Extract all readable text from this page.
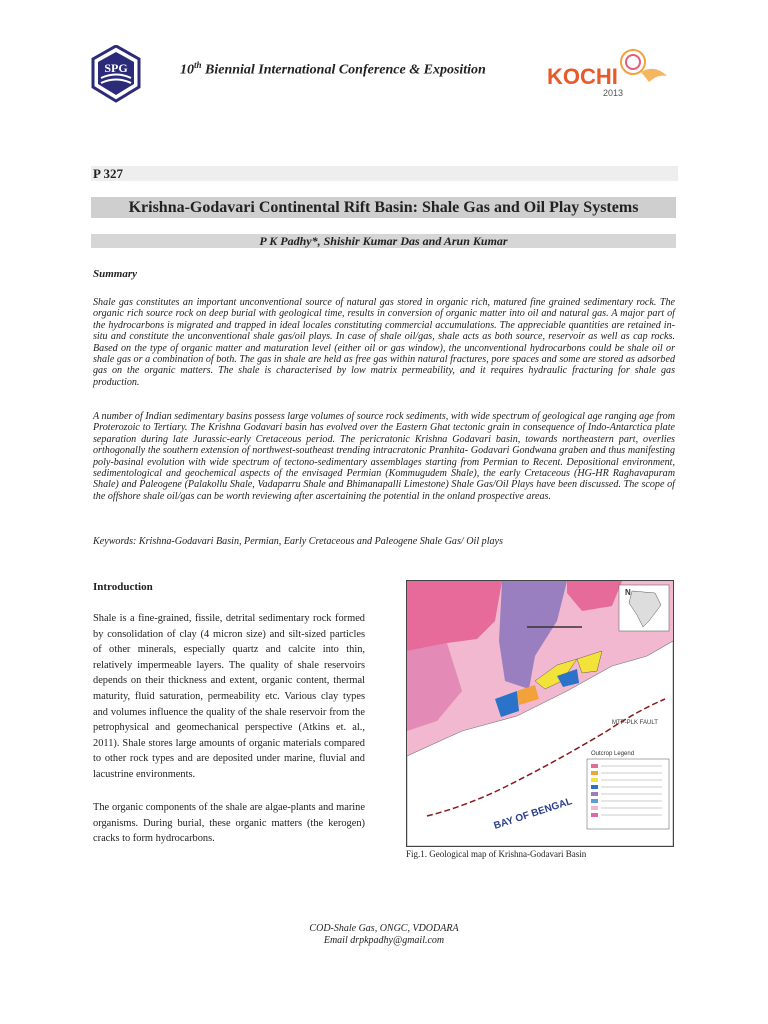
SPG	10th Biennial International Conference & Exposition	KOCHI
2013
P 327
Krishna-Godavari Continental Rift Basin: Shale Gas and Oil Play Systems
P K Padhy*, Shishir Kumar Das and Arun Kumar
Summary
Shale gas constitutes an important unconventional source of natural gas stored in organic rich, matured fine grained sedimentary rock. The organic rich source rock on deep burial with geological time, results in conversion of organic matter into oil and natural gas. A major part of the hydrocarbons is migrated and trapped in ideal locales constituting commercial accumulations. The appreciable quantities are retained in-situ and constitute the unconventional shale gas/oil plays. In case of shale oil/gas, shale acts as both source, reservoir as well as cap rocks. Based on the type of organic matter and maturation level (either oil or gas window), the unconventional hydrocarbons could be shale oil or shale gas or a combination of both. The gas in shale are held as free gas within natural fractures, pore spaces and some are stored as adsorbed gas on the organic matters. The shale is characterised by low matrix permeability, and it requires hydraulic fracturing for shale gas production.
A number of Indian sedimentary basins possess large volumes of source rock sediments, with wide spectrum of geological age ranging age from Proterozoic to Tertiary. The Krishna Godavari basin has evolved over the Eastern Ghat tectonic grain in consequence of Indo-Antarctica plate separation during late Jurassic-early Cretaceous period. The pericratonic Krishna Godavari basin, towards northeastern part, overlies orthogonally the southern extension of northwest-southeast trending intracratonic Pranhita- Godavari Gondwana graben and thus manifesting poly-basinal evolution with wide spectrum of tectono-sedimentary assemblages starting from Permian to Recent. Depositional environment, sedimentological and geochemical aspects of the envisaged Permian (Kommugudem Shale), the early Cretaceous (HG-HR Raghavapuram Shale) and Paleogene (Palakollu Shale, Vadaparru Shale and Bhimanapalli Limestone) Shale Gas/Oil Plays have been discussed. The scope of the offshore shale oil/gas can be worth reviewing after ascertaining the potential in the onland prospective areas.
Keywords: Krishna-Godavari Basin, Permian, Early Cretaceous and Paleogene Shale Gas/ Oil plays
Introduction
Shale is a fine-grained, fissile, detrital sedimentary rock formed by consolidation of clay (4 micron size) and silt-sized particles of other minerals, especially quartz and calcite into thin, relatively impermeable layers. The quality of shale reservoirs depends on their thickness and extent, organic content, thermal maturity, fluid saturation, permeability etc. Various clay types and volumes influence the quality of the shale reservoir from the petrophysical and geomechanical perspective (Atkins et. al., 2011). Shale stores large amounts of organic materials compared to other rock types and are deposited under marine, fluvial and lacustrine environments.
The organic components of the shale are algae-plants and marine organisms. During burial, these organic matters (the kerogen) cracks to form hydrocarbons.
Outcrop Legend
MTP-PLK FAULT
BAY OF BENGAL
N
Fig.1. Geological map of Krishna-Godavari Basin
COD-Shale Gas, ONGC, VDODARA
Email drpkpadhy@gmail.com
